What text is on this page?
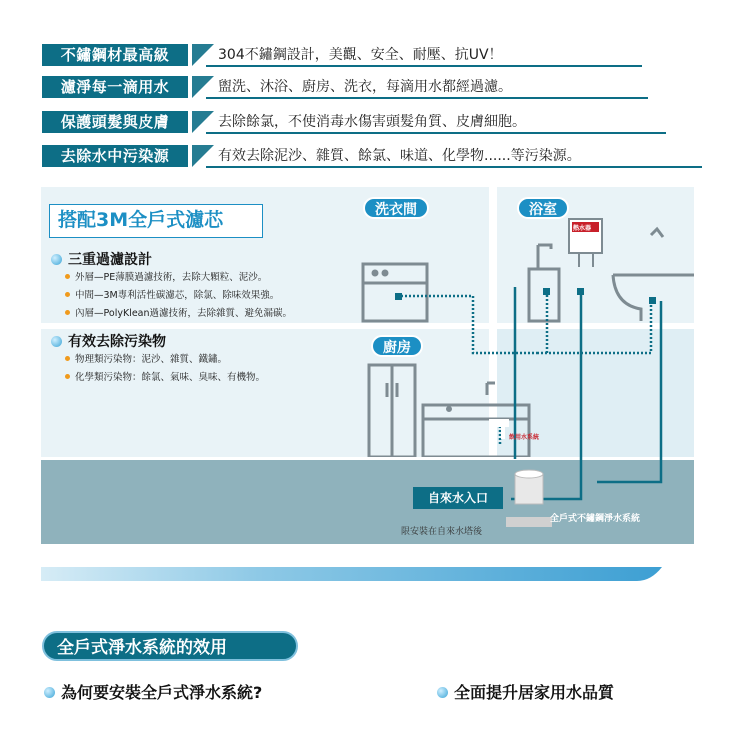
不鏽鋼材最高級	304不鏽鋼設計，美觀、安全、耐壓、抗UV！
濾淨每一滴用水	盥洗、沐浴、廚房、洗衣，每滴用水都經過濾。
保護頭髮與皮膚	去除餘氯，不使消毒水傷害頭髮角質、皮膚細胞。
去除水中污染源	有效去除泥沙、雜質、餘氯、味道、化學物......等污染源。
搭配3M全戶式濾芯
三重過濾設計
外層—PE薄膜過濾技術，去除大顆粒、泥沙。
中間—3M專利活性碳濾芯，除氯、除味效果強。
內層—PolyKlean過濾技術，去除雜質、避免漏碳。
有效去除污染物
物理類污染物：泥沙、雜質、鐵鏽。
化學類污染物：餘氯、氣味、臭味、有機物。
洗衣間	浴室
廚房
熱水器
飲用水系統
自來水入口
限安裝在自來水塔後
全戶式不鏽鋼淨水系統
全戶式淨水系統的效用
為何要安裝全戶式淨水系統?	全面提升居家用水品質
